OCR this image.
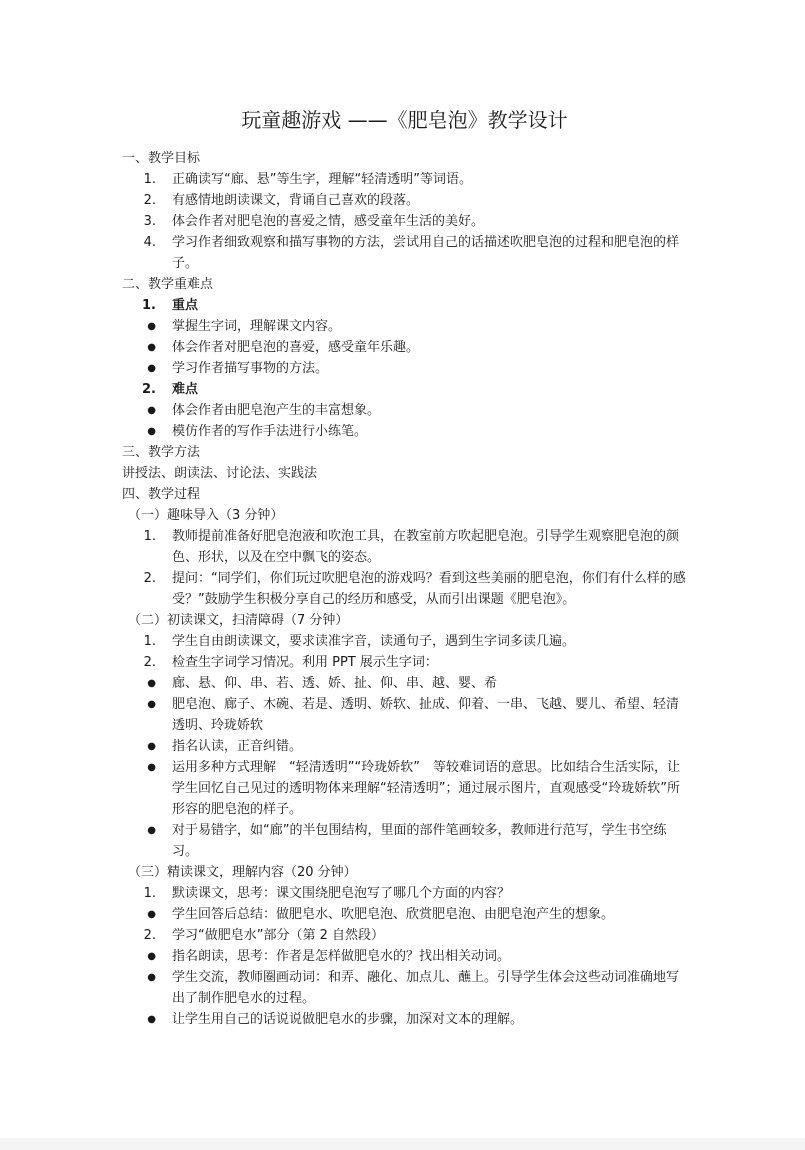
玩童趣游戏 ——《肥皂泡》教学设计
一、教学目标
1.	正确读写“廊、悬”等生字，理解“轻清透明”等词语。
2.	有感情地朗读课文，背诵自己喜欢的段落。
3.	体会作者对肥皂泡的喜爱之情，感受童年生活的美好。
4.	学习作者细致观察和描写事物的方法，尝试用自己的话描述吹肥皂泡的过程和肥皂泡的样子。
二、教学重难点
1.	重点
●	掌握生字词，理解课文内容。
●	体会作者对肥皂泡的喜爱，感受童年乐趣。
●	学习作者描写事物的方法。
2.	难点
●	体会作者由肥皂泡产生的丰富想象。
●	模仿作者的写作手法进行小练笔。
三、教学方法
讲授法、朗读法、讨论法、实践法
四、教学过程
（一）趣味导入（3 分钟）
1.	教师提前准备好肥皂泡液和吹泡工具，在教室前方吹起肥皂泡。引导学生观察肥皂泡的颜色、形状，以及在空中飘飞的姿态。
2.	提问：“同学们，你们玩过吹肥皂泡的游戏吗？看到这些美丽的肥皂泡，你们有什么样的感受？”鼓励学生积极分享自己的经历和感受，从而引出课题《肥皂泡》。
（二）初读课文，扫清障碍（7 分钟）
1.	学生自由朗读课文，要求读准字音，读通句子，遇到生字词多读几遍。
2.	检查生字词学习情况。利用 PPT 展示生字词：
●	廊、悬、仰、串、若、透、娇、扯、仰、串、越、婴、希
●	肥皂泡、廊子、木碗、若是、透明、娇软、扯成、仰着、一串、飞越、婴儿、希望、轻清透明、玲珑娇软
●	指名认读，正音纠错。
●	运用多种方式理解　“轻清透明”“玲珑娇软”　等较难词语的意思。比如结合生活实际，让学生回忆自己见过的透明物体来理解“轻清透明”；通过展示图片，直观感受“玲珑娇软”所形容的肥皂泡的样子。
●	对于易错字，如“廊”的半包围结构，里面的部件笔画较多，教师进行范写，学生书空练习。
（三）精读课文，理解内容（20 分钟）
1.	默读课文，思考：课文围绕肥皂泡写了哪几个方面的内容？
●	学生回答后总结：做肥皂水、吹肥皂泡、欣赏肥皂泡、由肥皂泡产生的想象。
2.	学习“做肥皂水”部分（第 2 自然段）
●	指名朗读，思考：作者是怎样做肥皂水的？找出相关动词。
●	学生交流，教师圈画动词：和弄、融化、加点儿、蘸上。引导学生体会这些动词准确地写出了制作肥皂水的过程。
●	让学生用自己的话说说做肥皂水的步骤，加深对文本的理解。
